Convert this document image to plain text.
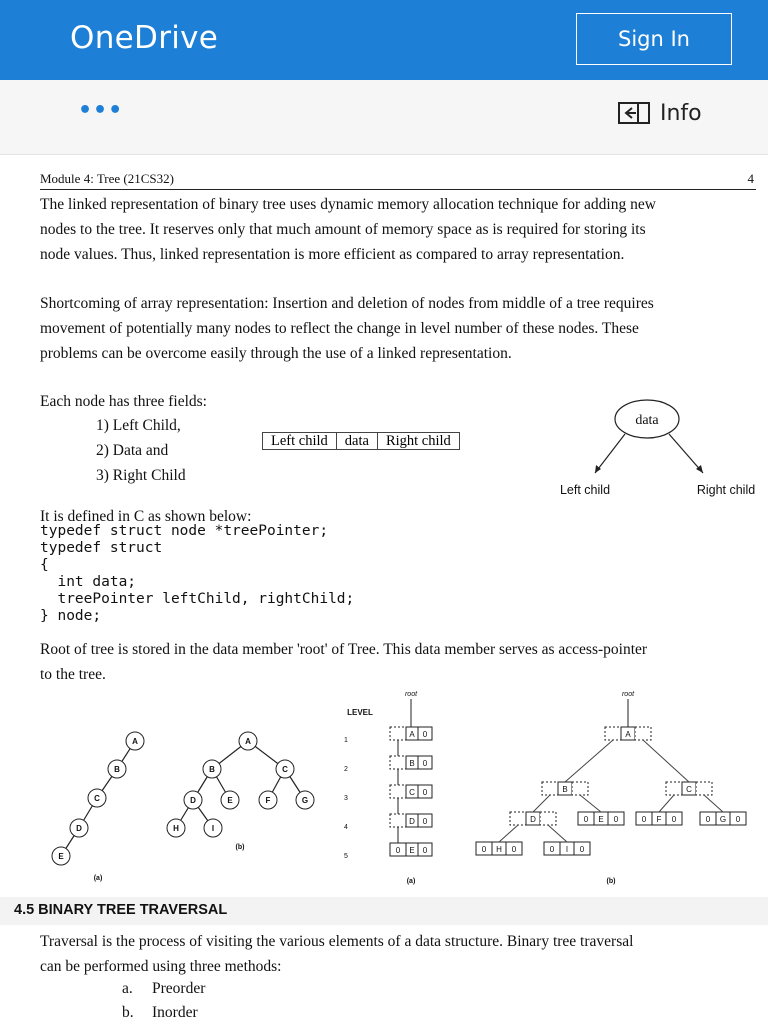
OneDrive	Sign In
•••	Info
Module 4: Tree (21CS32)	4
The linked representation of binary tree uses dynamic memory allocation technique for adding new
nodes to the tree. It reserves only that much amount of memory space as is required for storing its
node values. Thus, linked representation is more efficient as compared to array representation.
Shortcoming of array representation: Insertion and deletion of nodes from middle of a tree requires
movement of potentially many nodes to reflect the change in level number of these nodes. These
problems can be overcome easily through the use of a linked representation.
Each node has three fields:
1) Left Child,
2) Data and
3) Right Child
Left child	data	Right child
data
Left child	Right child
It is defined in C as shown below:
typedef struct node *treePointer;
typedef struct
{
int data;
treePointer leftChild, rightChild;
} node;
Root of tree is stored in the data member 'root' of Tree. This data member serves as access-pointer
to the tree.
A
B
C
D
E
(a)
A
B	C
D	E	F	G
H	I
(b)
root
LEVEL
1
2
3
4
5
(a)
A 0
B 0
C 0
D 0
0 E 0
root
(b)
A
B	C
D	0 E 0	0 F 0	0 G 0
0 H 0	0 I 0
4.5 BINARY TREE TRAVERSAL
Traversal is the process of visiting the various elements of a data structure. Binary tree traversal
can be performed using three methods:
a.	Preorder
b.	Inorder
